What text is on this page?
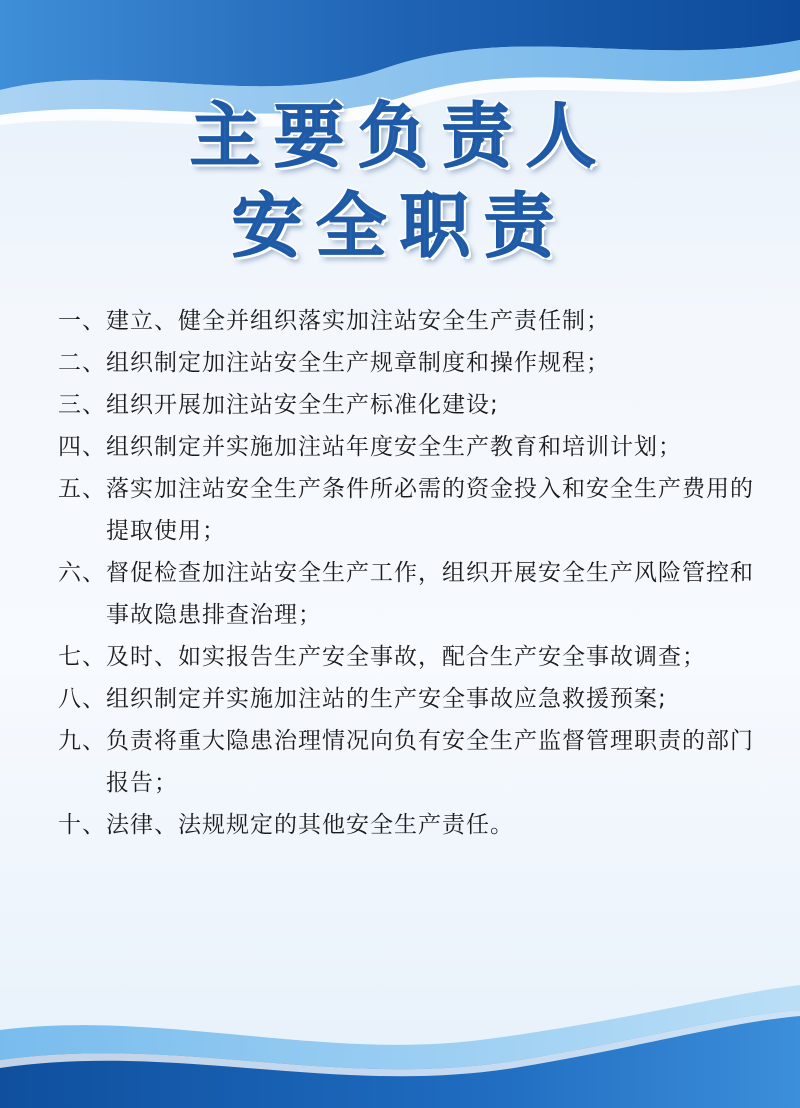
主要负责人
安全职责
一、 建立、健全并组织落实加注站安全生产责任制；
二、 组织制定加注站安全生产规章制度和操作规程；
三、 组织开展加注站安全生产标准化建设;
四、 组织制定并实施加注站年度安全生产教育和培训计划；
五、 落实加注站安全生产条件所必需的资金投入和安全生产费用的提取使用；
六、 督促检查加注站安全生产工作，组织开展安全生产风险管控和事故隐患排查治理；
七、 及时、如实报告生产安全事故，配合生产安全事故调查；
八、 组织制定并实施加注站的生产安全事故应急救援预案;
九、 负责将重大隐患治理情况向负有安全生产监督管理职责的部门报告；
十、 法律、法规规定的其他安全生产责任。
